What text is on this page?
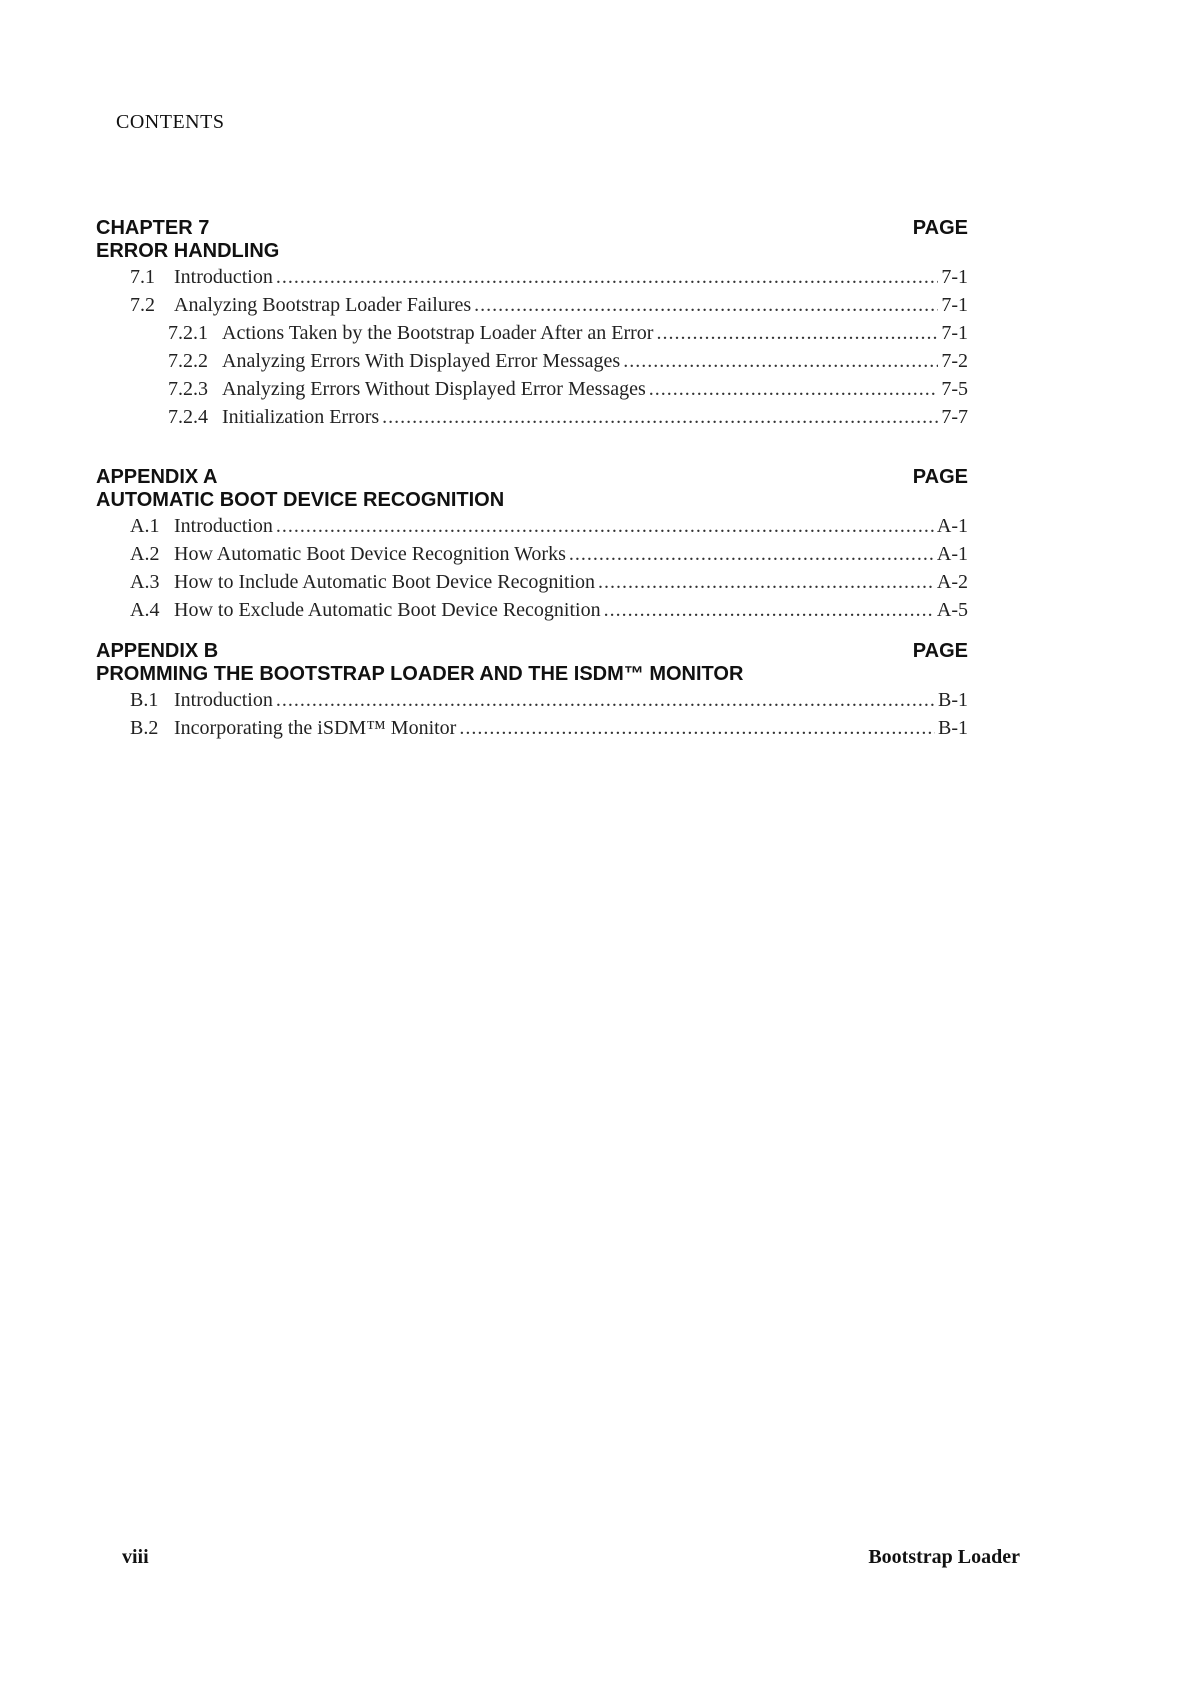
CONTENTS
CHAPTER 7	PAGE
ERROR HANDLING
7.1 Introduction .....	7-1
7.2 Analyzing Bootstrap Loader Failures .....	7-1
7.2.1 Actions Taken by the Bootstrap Loader After an Error .....	7-1
7.2.2 Analyzing Errors With Displayed Error Messages .....	7-2
7.2.3 Analyzing Errors Without Displayed Error Messages .....	7-5
7.2.4 Initialization Errors .....	7-7
APPENDIX A	PAGE
AUTOMATIC BOOT DEVICE RECOGNITION
A.1 Introduction .....	A-1
A.2 How Automatic Boot Device Recognition Works .....	A-1
A.3 How to Include Automatic Boot Device Recognition .....	A-2
A.4 How to Exclude Automatic Boot Device Recognition .....	A-5
APPENDIX B	PAGE
PROMMING THE BOOTSTRAP LOADER AND THE ISDM™ MONITOR
B.1 Introduction .....	B-1
B.2 Incorporating the iSDM™ Monitor .....	B-1
viii	Bootstrap Loader
